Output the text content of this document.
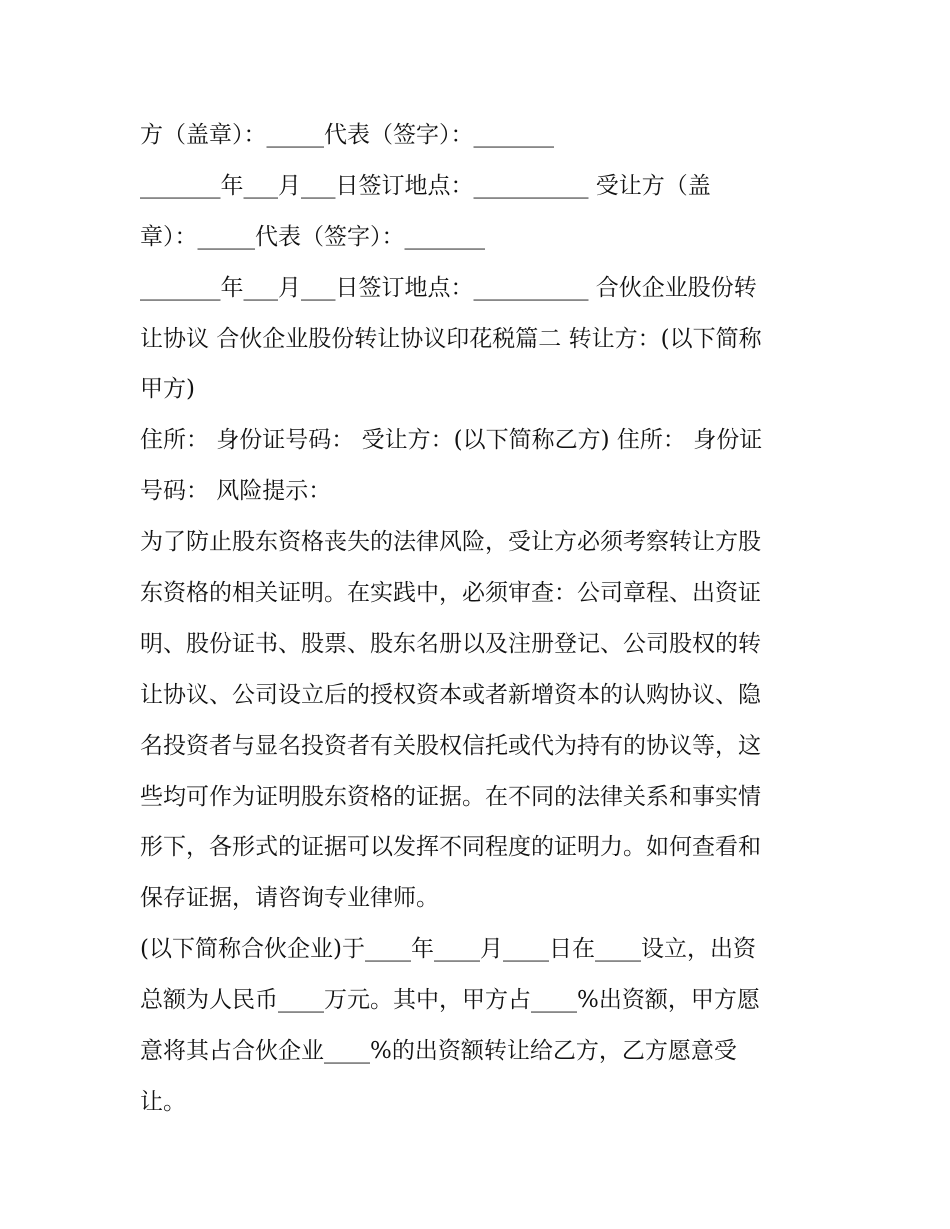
方（盖章）：_____代表（签字）：_______
_______年___月___日签订地点：__________ 受让方（盖
章）：_____代表（签字）：_______
_______年___月___日签订地点：__________ 合伙企业股份转
让协议 合伙企业股份转让协议印花税篇二 转让方：(以下简称
甲方)
住所： 身份证号码： 受让方：(以下简称乙方) 住所： 身份证
号码： 风险提示：
为了防止股东资格丧失的法律风险，受让方必须考察转让方股
东资格的相关证明。在实践中，必须审查：公司章程、出资证
明、股份证书、股票、股东名册以及注册登记、公司股权的转
让协议、公司设立后的授权资本或者新增资本的认购协议、隐
名投资者与显名投资者有关股权信托或代为持有的协议等，这
些均可作为证明股东资格的证据。在不同的法律关系和事实情
形下，各形式的证据可以发挥不同程度的证明力。如何查看和
保存证据，请咨询专业律师。
(以下简称合伙企业)于____年____月____日在____设立，出资
总额为人民币____万元。其中，甲方占____%出资额，甲方愿
意将其占合伙企业____%的出资额转让给乙方，乙方愿意受
让。
